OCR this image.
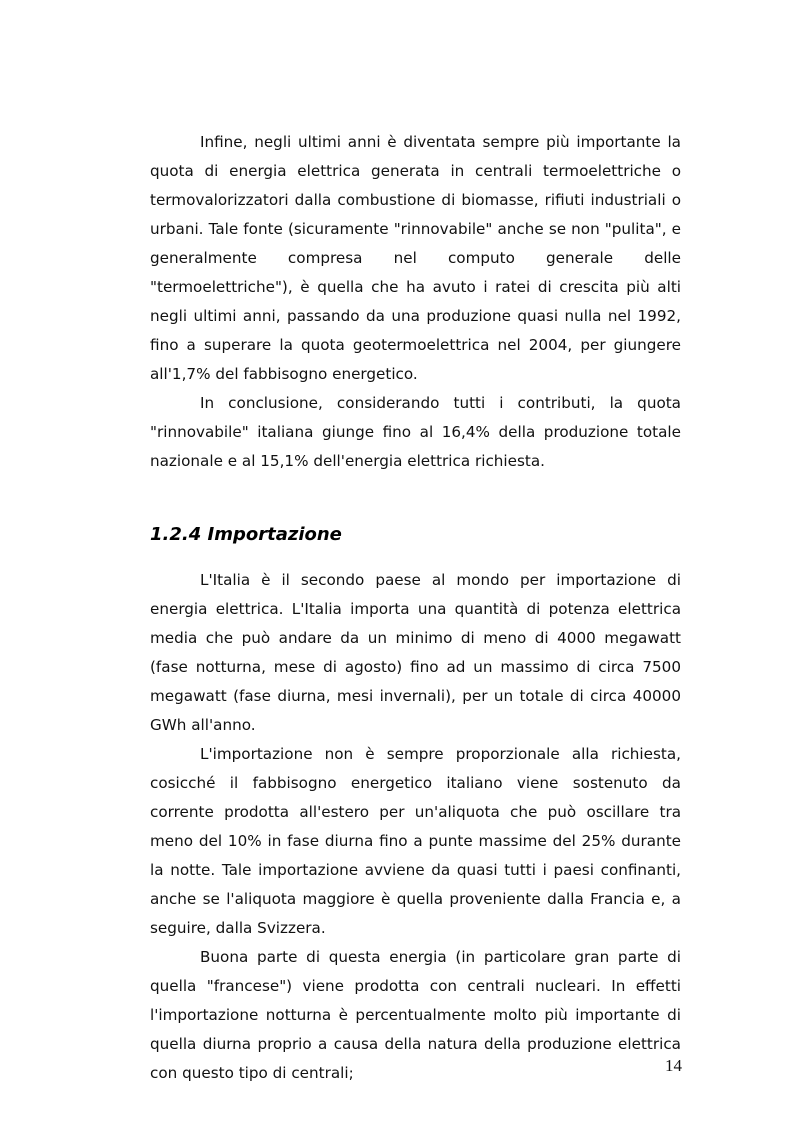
Infine, negli ultimi anni è diventata sempre più importante la quota di energia elettrica generata in centrali termoelettriche o termovalorizzatori dalla combustione di biomasse, rifiuti industriali o urbani. Tale fonte (sicuramente "rinnovabile" anche se non "pulita", e generalmente compresa nel computo generale delle "termoelettriche"), è quella che ha avuto i ratei di crescita più alti negli ultimi anni, passando da una produzione quasi nulla nel 1992, fino a superare la quota geotermoelettrica nel 2004, per giungere all'1,7% del fabbisogno energetico.

In conclusione, considerando tutti i contributi, la quota "rinnovabile" italiana giunge fino al 16,4% della produzione totale nazionale e al 15,1% dell'energia elettrica richiesta.

1.2.4 Importazione

L'Italia è il secondo paese al mondo per importazione di energia elettrica. L'Italia importa una quantità di potenza elettrica media che può andare da un minimo di meno di 4000 megawatt (fase notturna, mese di agosto) fino ad un massimo di circa 7500 megawatt (fase diurna, mesi invernali), per un totale di circa 40000 GWh all'anno.

L'importazione non è sempre proporzionale alla richiesta, cosicché il fabbisogno energetico italiano viene sostenuto da corrente prodotta all'estero per un'aliquota che può oscillare tra meno del 10% in fase diurna fino a punte massime del 25% durante la notte. Tale importazione avviene da quasi tutti i paesi confinanti, anche se l'aliquota maggiore è quella proveniente dalla Francia e, a seguire, dalla Svizzera.

Buona parte di questa energia (in particolare gran parte di quella "francese") viene prodotta con centrali nucleari. In effetti l'importazione notturna è percentualmente molto più importante di quella diurna proprio a causa della natura della produzione elettrica con questo tipo di centrali;	14
